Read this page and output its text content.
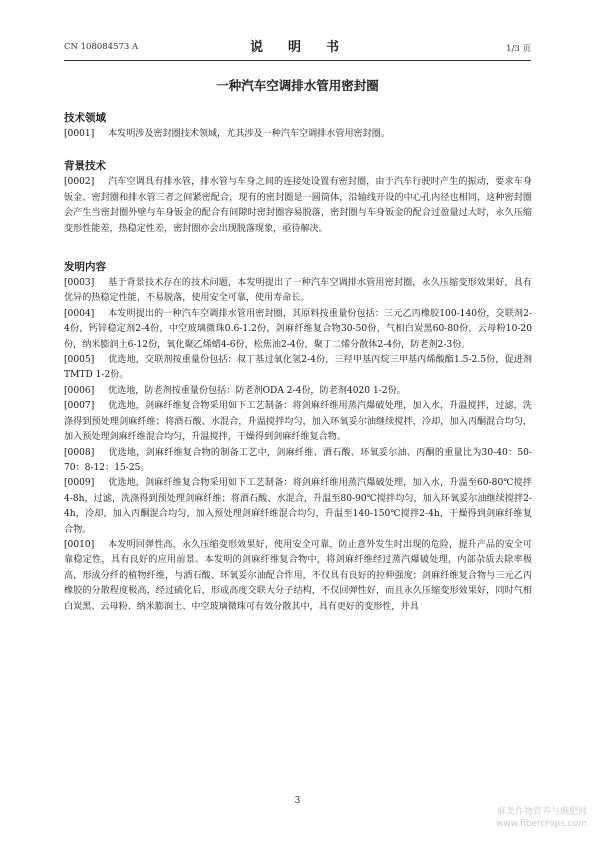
CN 108084573 A	说　明　书	1/3 页
一种汽车空调排水管用密封圈
技术领域

[0001] 本发明涉及密封圈技术领域，尤其涉及一种汽车空调排水管用密封圈。

背景技术

[0002] 汽车空调具有排水管，排水管与车身之间的连接处设置有密封圈，由于汽车行驶时产生的振动，要求车身钣金、密封圈和排水管三者之间紧密配合，现有的密封圈是一圆筒体，沿轴线开设的中心孔内径也相同，这种密封圈会产生当密封圈外壁与车身钣金的配合有间隙时密封圈容易脱落，密封圈与车身钣金的配合过盈量过大时，永久压缩变形性能差，热稳定性差，密封圈亦会出现脱落现象，亟待解决。

发明内容

[0003] 基于背景技术存在的技术问题，本发明提出了一种汽车空调排水管用密封圈，永久压缩变形效果好，具有优异的热稳定性能，不易脱落，使用安全可靠，使用寿命长。

[0004] 本发明提出的一种汽车空调排水管用密封圈，其原料按重量份包括：三元乙丙橡胶100-140份，交联剂2-4份，钙锌稳定剂2-4份，中空玻璃微珠0.6-1.2份，剑麻纤维复合物30-50份，气相白炭黑60-80份，云母粉10-20份，纳米膨润土6-12份，氧化聚乙烯蜡4-6份，松焦油2-4份，聚丁二烯分散体2-4份，防老剂2-3份。

[0005] 优选地，交联剂按重量份包括：叔丁基过氧化氢2-4份，三羟甲基丙烷三甲基丙烯酸酯1.5-2.5份，促进剂TMTD 1-2份。

[0006] 优选地，防老剂按重量份包括：防老剂ODA 2-4份，防老剂4020 1-2份。

[0007] 优选地，剑麻纤维复合物采用如下工艺制备：将剑麻纤维用蒸汽爆破处理，加入水，升温搅拌，过滤，洗涤得到预处理剑麻纤维；将酒石酸、水混合，升温搅拌均匀，加入环氧妥尔油继续搅拌，冷却，加入丙酮混合均匀，加入预处理剑麻纤维混合均匀，升温搅拌，干燥得到剑麻纤维复合物。

[0008] 优选地，剑麻纤维复合物的制备工艺中，剑麻纤维、酒石酸、环氧妥尔油、丙酮的重量比为30-40：50-70：8-12：15-25。

[0009] 优选地，剑麻纤维复合物采用如下工艺制备：将剑麻纤维用蒸汽爆破处理，加入水，升温至60-80℃搅拌4-8h，过滤，洗涤得到预处理剑麻纤维；将酒石酸、水混合，升温至80-90℃搅拌均匀，加入环氧妥尔油继续搅拌2-4h，冷却，加入丙酮混合均匀，加入预处理剑麻纤维混合均匀，升温至140-150℃搅拌2-4h，干燥得到剑麻纤维复合物。

[0010] 本发明回弹性高，永久压缩变形效果好，使用安全可靠，防止意外发生时出现的危险，提升产品的安全可靠稳定性，具有良好的应用前景。本发明的剑麻纤维复合物中，将剑麻纤维经过蒸汽爆破处理，内部杂质去除率极高，形成分纤的植物纤维，与酒石酸、环氧妥尔油配合作用，不仅具有良好的拉伸强度；剑麻纤维复合物与三元乙丙橡胶的分散程度极高，经过硫化后，形成高度交联大分子结构，不仅回弹性好，而且永久压缩变形效果好，同时气相白炭黑、云母粉、纳米膨润土、中空玻璃微珠可有效分散其中，具有更好的变形性，并具

3
麻类作物营养与施肥网
www.fibercrops.com
